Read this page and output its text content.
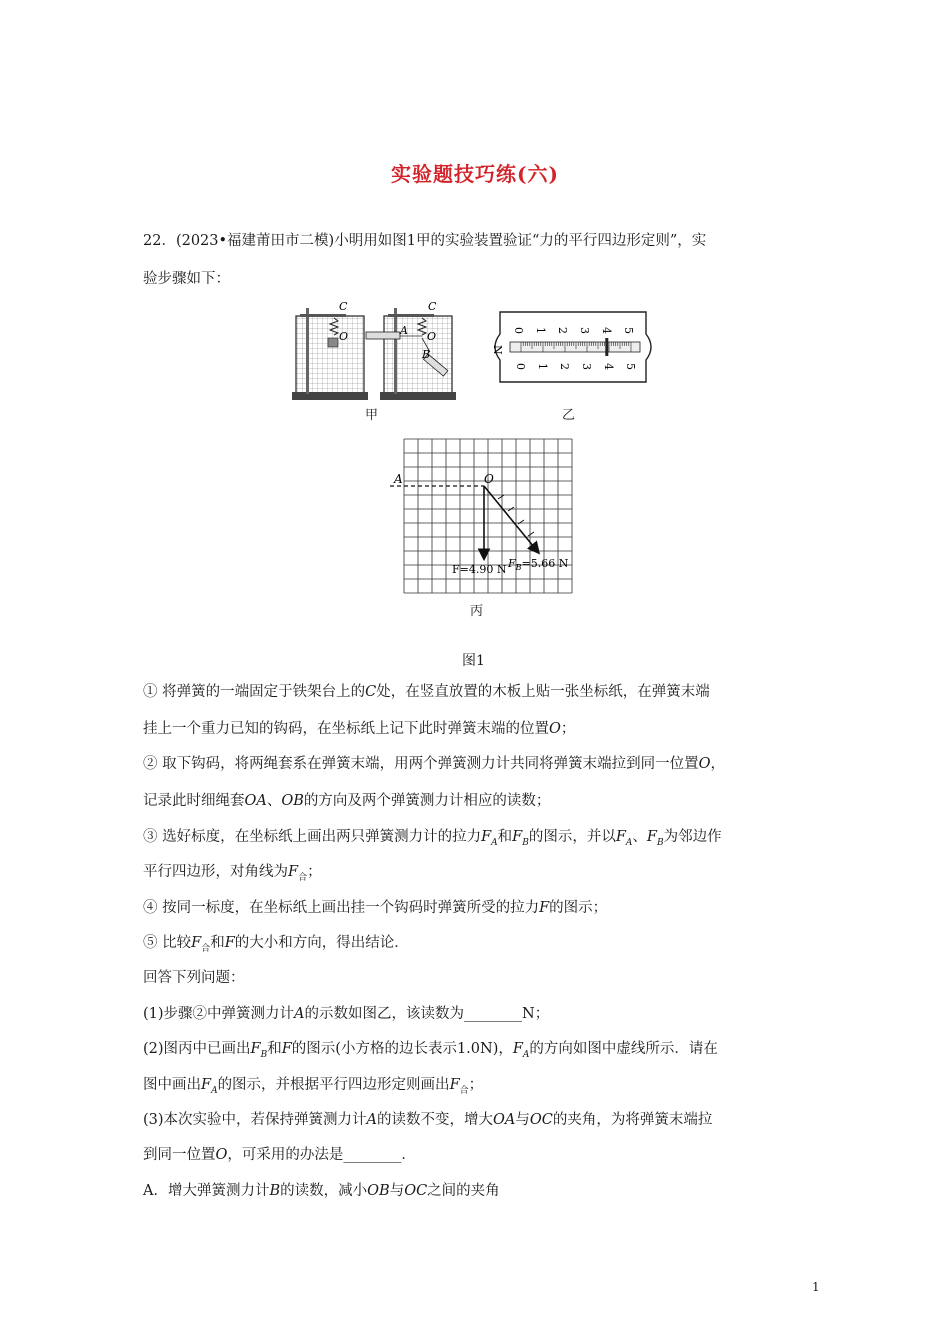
实验题技巧练(六)
22．(2023•福建莆田市二模)小明用如图1甲的实验装置验证“力的平行四边形定则”，实
验步骤如下：
C
O
C
O
A
B
甲
N
0 1 2 3 4 5
0 1 2 3 4 5
乙
A	O
F=4.90 N $F_B=5.66$ N
丙
图1
① 将弹簧的一端固定于铁架台上的C处，在竖直放置的木板上贴一张坐标纸，在弹簧末端
挂上一个重力已知的钩码，在坐标纸上记下此时弹簧末端的位置O；
② 取下钩码，将两绳套系在弹簧末端，用两个弹簧测力计共同将弹簧末端拉到同一位置O，
记录此时细绳套OA、OB的方向及两个弹簧测力计相应的读数；
③ 选好标度，在坐标纸上画出两只弹簧测力计的拉力$F_A$和$F_B$的图示，并以$F_A$、$F_B$为邻边作
平行四边形，对角线为$F_合$；
④ 按同一标度，在坐标纸上画出挂一个钩码时弹簧所受的拉力F的图示；
⑤ 比较$F_合$和F的大小和方向，得出结论．
回答下列问题：
(1)步骤②中弹簧测力计A的示数如图乙，该读数为________N；
(2)图丙中已画出$F_B$和F的图示(小方格的边长表示1.0N)，$F_A$的方向如图中虚线所示．请在
图中画出$F_A$的图示，并根据平行四边形定则画出$F_合$；
(3)本次实验中，若保持弹簧测力计A的读数不变，增大OA与OC的夹角，为将弹簧末端拉
到同一位置O，可采用的办法是________．
A．增大弹簧测力计B的读数，减小OB与OC之间的夹角
1
